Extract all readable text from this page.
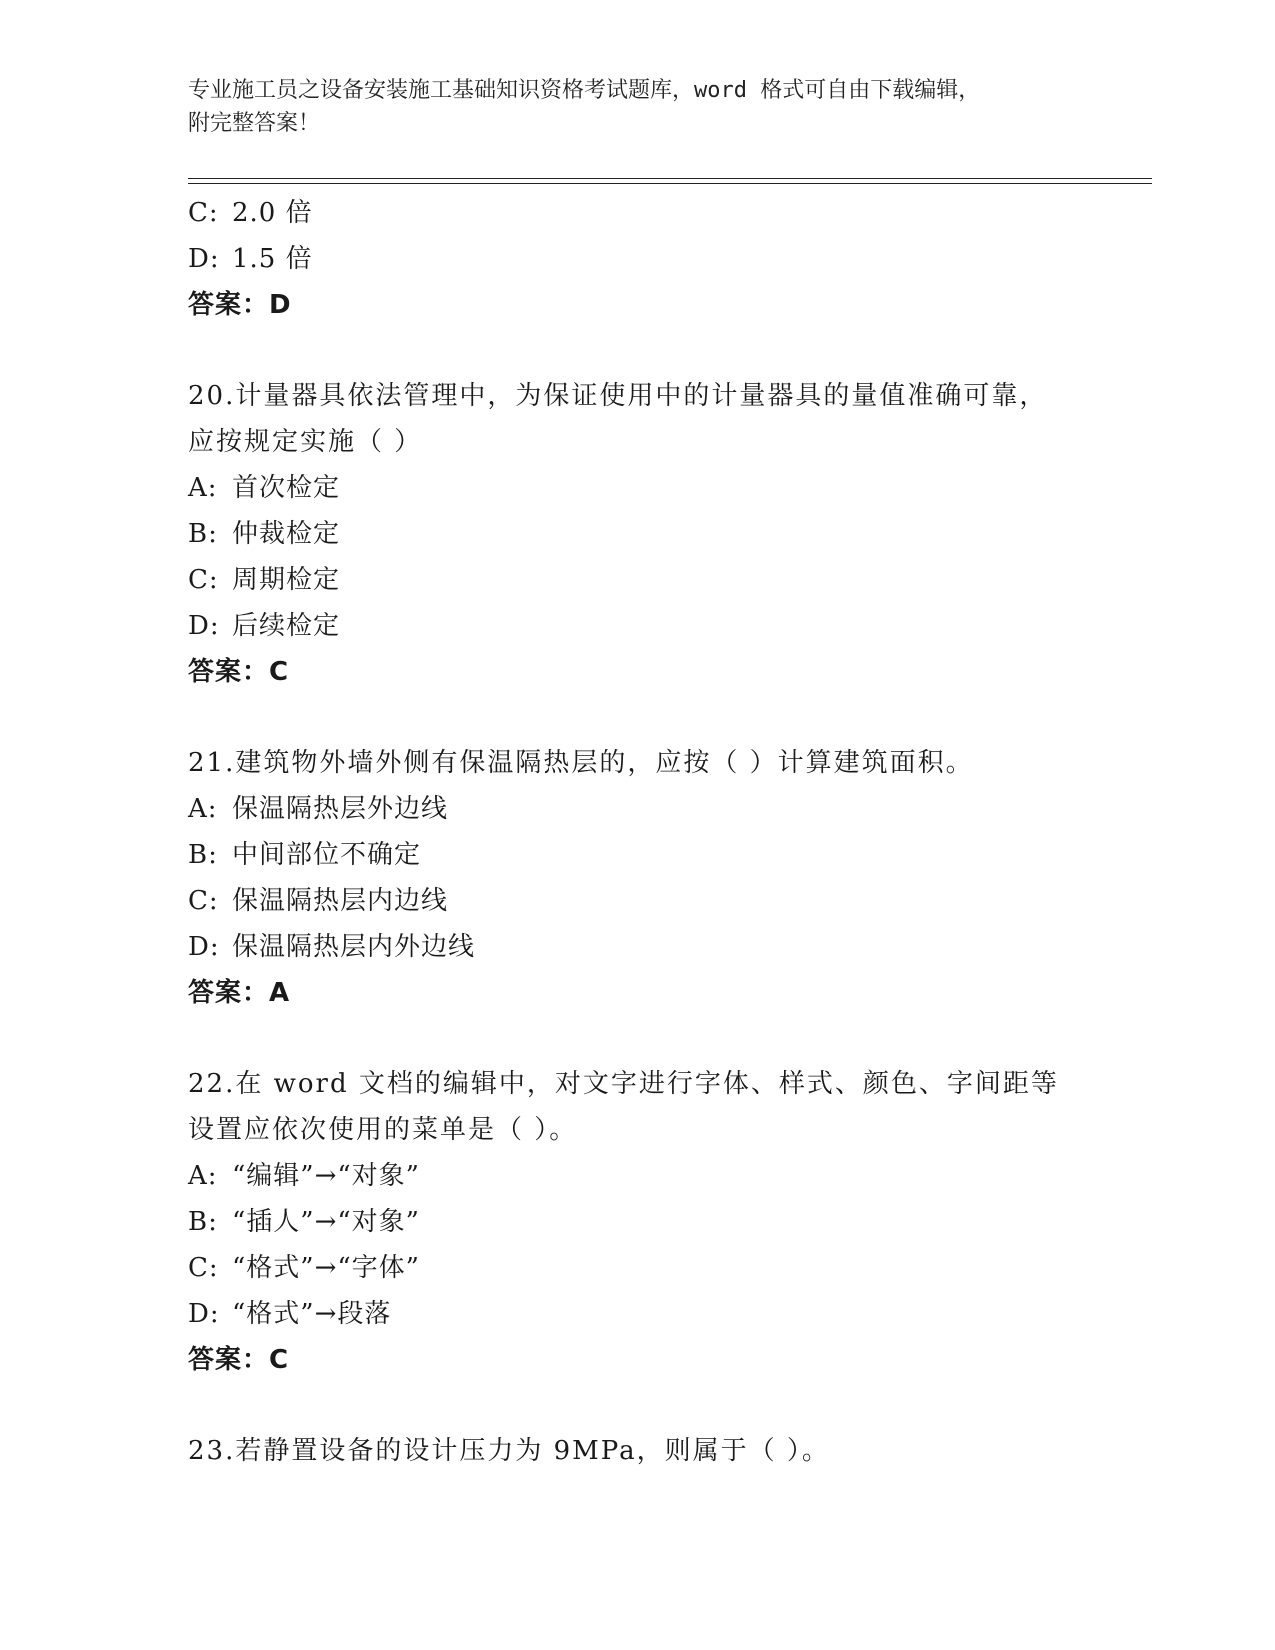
专业施工员之设备安装施工基础知识资格考试题库，word 格式可自由下载编辑，
附完整答案！
C: 2.0 倍
D: 1.5 倍
答案：D
20.计量器具依法管理中，为保证使用中的计量器具的量值准确可靠，
应按规定实施（ ）
A: 首次检定
B: 仲裁检定
C: 周期检定
D: 后续检定
答案：C
21.建筑物外墙外侧有保温隔热层的，应按（ ）计算建筑面积。
A: 保温隔热层外边线
B: 中间部位不确定
C: 保温隔热层内边线
D: 保温隔热层内外边线
答案：A
22.在 word 文档的编辑中，对文字进行字体、样式、颜色、字间距等
设置应依次使用的菜单是（ ）。
A: “编辑”→“对象”
B: “插人”→“对象”
C: “格式”→“字体”
D: “格式”→段落
答案：C
23.若静置设备的设计压力为 9MPa，则属于（ ）。
